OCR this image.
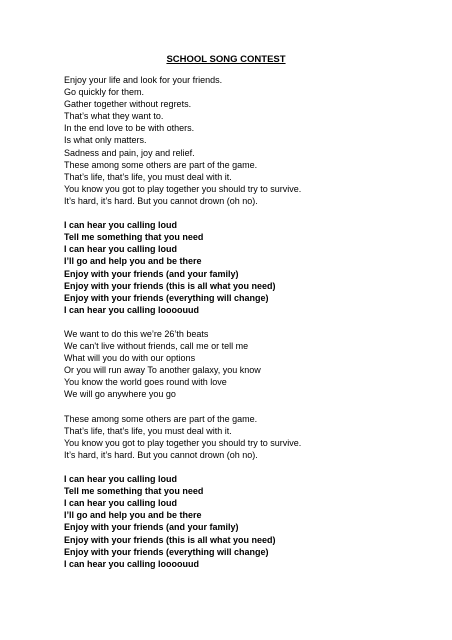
SCHOOL SONG CONTEST
Enjoy your life and look for your friends.
Go quickly for them.
Gather together without regrets.
That’s what they want to.
In the end love to be with others.
Is what only matters.
Sadness and pain, joy and relief.
These among some others are part of the game.
That’s life, that’s life, you must deal with it.
You know you got to play together you should try to survive.
It’s hard, it’s hard. But you cannot drown (oh no).
I can hear you calling loud
Tell me something that you need
I can hear you calling loud
I’ll go and help you and be there
Enjoy with your friends (and your family)
Enjoy with your friends (this is all what you need)
Enjoy with your friends (everything will change)
I can hear you calling loooouud
We want to do this we’re 26’th beats
We can't live without friends, call me or tell me
What will you do with our options
Or you will run away To another galaxy, you know
You know the world goes round with love
We will go anywhere you go
These among some others are part of the game.
That’s life, that’s life, you must deal with it.
You know you got to play together you should try to survive.
It’s hard, it’s hard. But you cannot drown (oh no).
I can hear you calling loud
Tell me something that you need
I can hear you calling loud
I’ll go and help you and be there
Enjoy with your friends (and your family)
Enjoy with your friends (this is all what you need)
Enjoy with your friends (everything will change)
I can hear you calling loooouud
